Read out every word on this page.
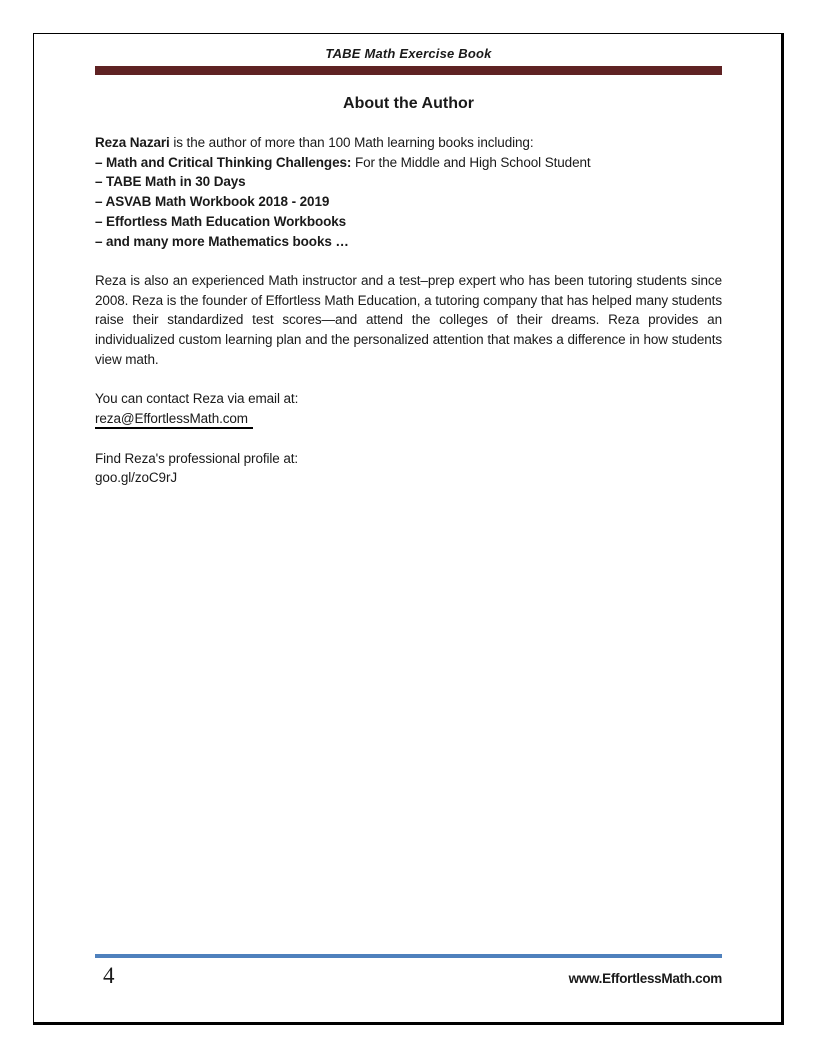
TABE Math Exercise Book
About the Author
Reza Nazari is the author of more than 100 Math learning books including:
– Math and Critical Thinking Challenges: For the Middle and High School Student
– TABE Math in 30 Days
– ASVAB Math Workbook 2018 - 2019
– Effortless Math Education Workbooks
– and many more Mathematics books …

Reza is also an experienced Math instructor and a test–prep expert who has been tutoring students since 2008. Reza is the founder of Effortless Math Education, a tutoring company that has helped many students raise their standardized test scores—and attend the colleges of their dreams. Reza provides an individualized custom learning plan and the personalized attention that makes a difference in how students view math.

You can contact Reza via email at:
reza@EffortlessMath.com
Find Reza's professional profile at:
goo.gl/zoC9rJ
4	www.EffortlessMath.com
